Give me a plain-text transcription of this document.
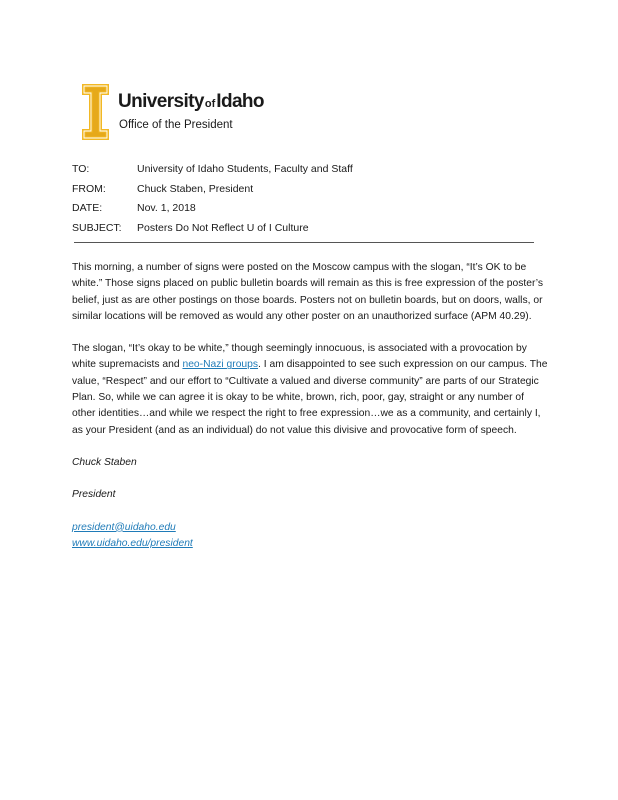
UniversityofIdaho
Office of the President
TO:	University of Idaho Students, Faculty and Staff
FROM:	Chuck Staben, President
DATE:	Nov. 1, 2018
SUBJECT: Posters Do Not Reflect U of I Culture

This morning, a number of signs were posted on the Moscow campus with the slogan, “It’s OK to be white.” Those signs placed on public bulletin boards will remain as this is free expression of the poster’s belief, just as are other postings on those boards. Posters not on bulletin boards, but on doors, walls, or similar locations will be removed as would any other poster on an unauthorized surface (APM 40.29).

The slogan, “It’s okay to be white,” though seemingly innocuous, is associated with a provocation by white supremacists and neo-Nazi groups. I am disappointed to see such expression on our campus. The value, “Respect” and our effort to “Cultivate a valued and diverse community” are parts of our Strategic Plan. So, while we can agree it is okay to be white, brown, rich, poor, gay, straight or any number of other identities…and while we respect the right to free expression…we as a community, and certainly I, as your President (and as an individual) do not value this divisive and provocative form of speech.

Chuck Staben

President

president@uidaho.edu
www.uidaho.edu/president
